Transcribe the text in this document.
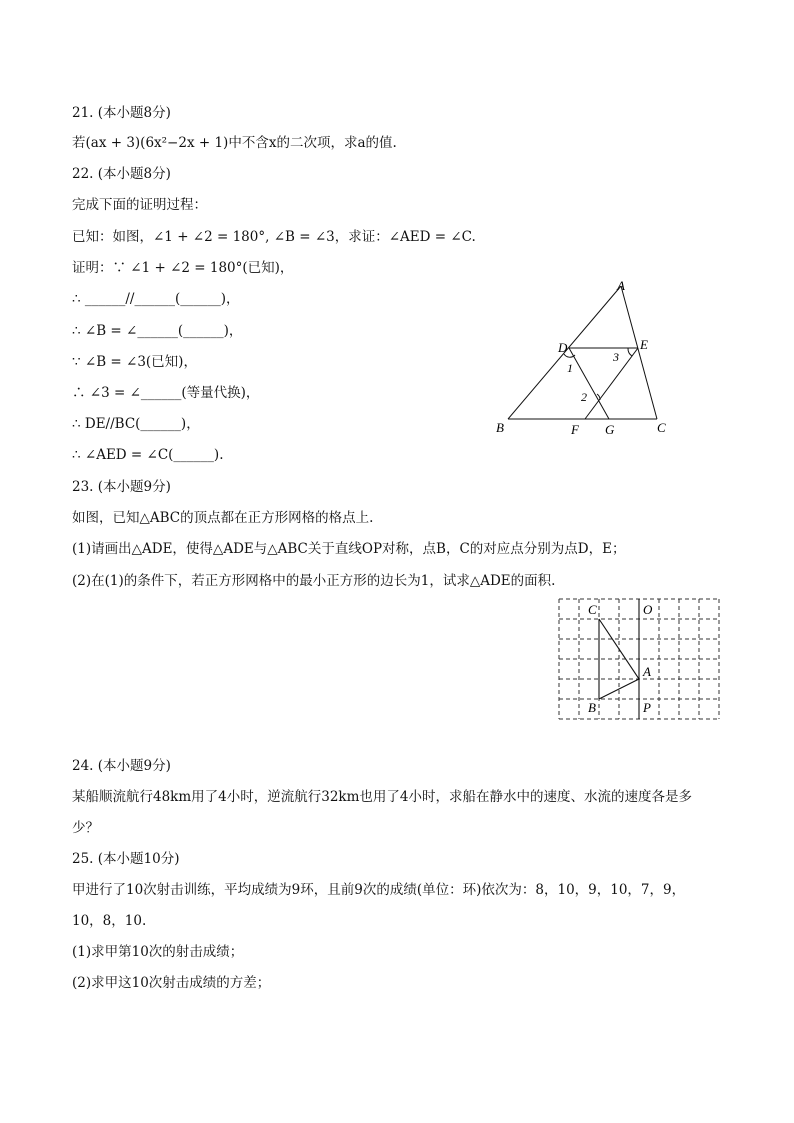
21. (本小题8分)
若(ax + 3)(6x²−2x + 1)中不含x的二次项，求a的值.
22. (本小题8分)
完成下面的证明过程：
已知：如图，∠1 + ∠2 = 180°, ∠B = ∠3，求证：∠AED = ∠C.
证明：∵ ∠1 + ∠2 = 180°(已知)，
∴ ______//______(______)，
∴ ∠B = ∠______(______)，
∵ ∠B = ∠3(已知)，
∴ ∠3 = ∠______(等量代换)，
∴ DE//BC(______)，
∴ ∠AED = ∠C(______).
A
B	C
D	E
F G
1
2
3
23. (本小题9分)
如图，已知△ABC的顶点都在正方形网格的格点上.
(1)请画出△ADE，使得△ADE与△ABC关于直线OP对称，点B，C的对应点分别为点D，E；
(2)在(1)的条件下，若正方形网格中的最小正方形的边长为1，试求△ADE的面积.
C	O
A
B	P
24. (本小题9分)
某船顺流航行48km用了4小时，逆流航行32km也用了4小时，求船在静水中的速度、水流的速度各是多
少？
25. (本小题10分)
甲进行了10次射击训练，平均成绩为9环，且前9次的成绩(单位：环)依次为：8，10，9，10，7，9，
10，8，10.
(1)求甲第10次的射击成绩；
(2)求甲这10次射击成绩的方差；
